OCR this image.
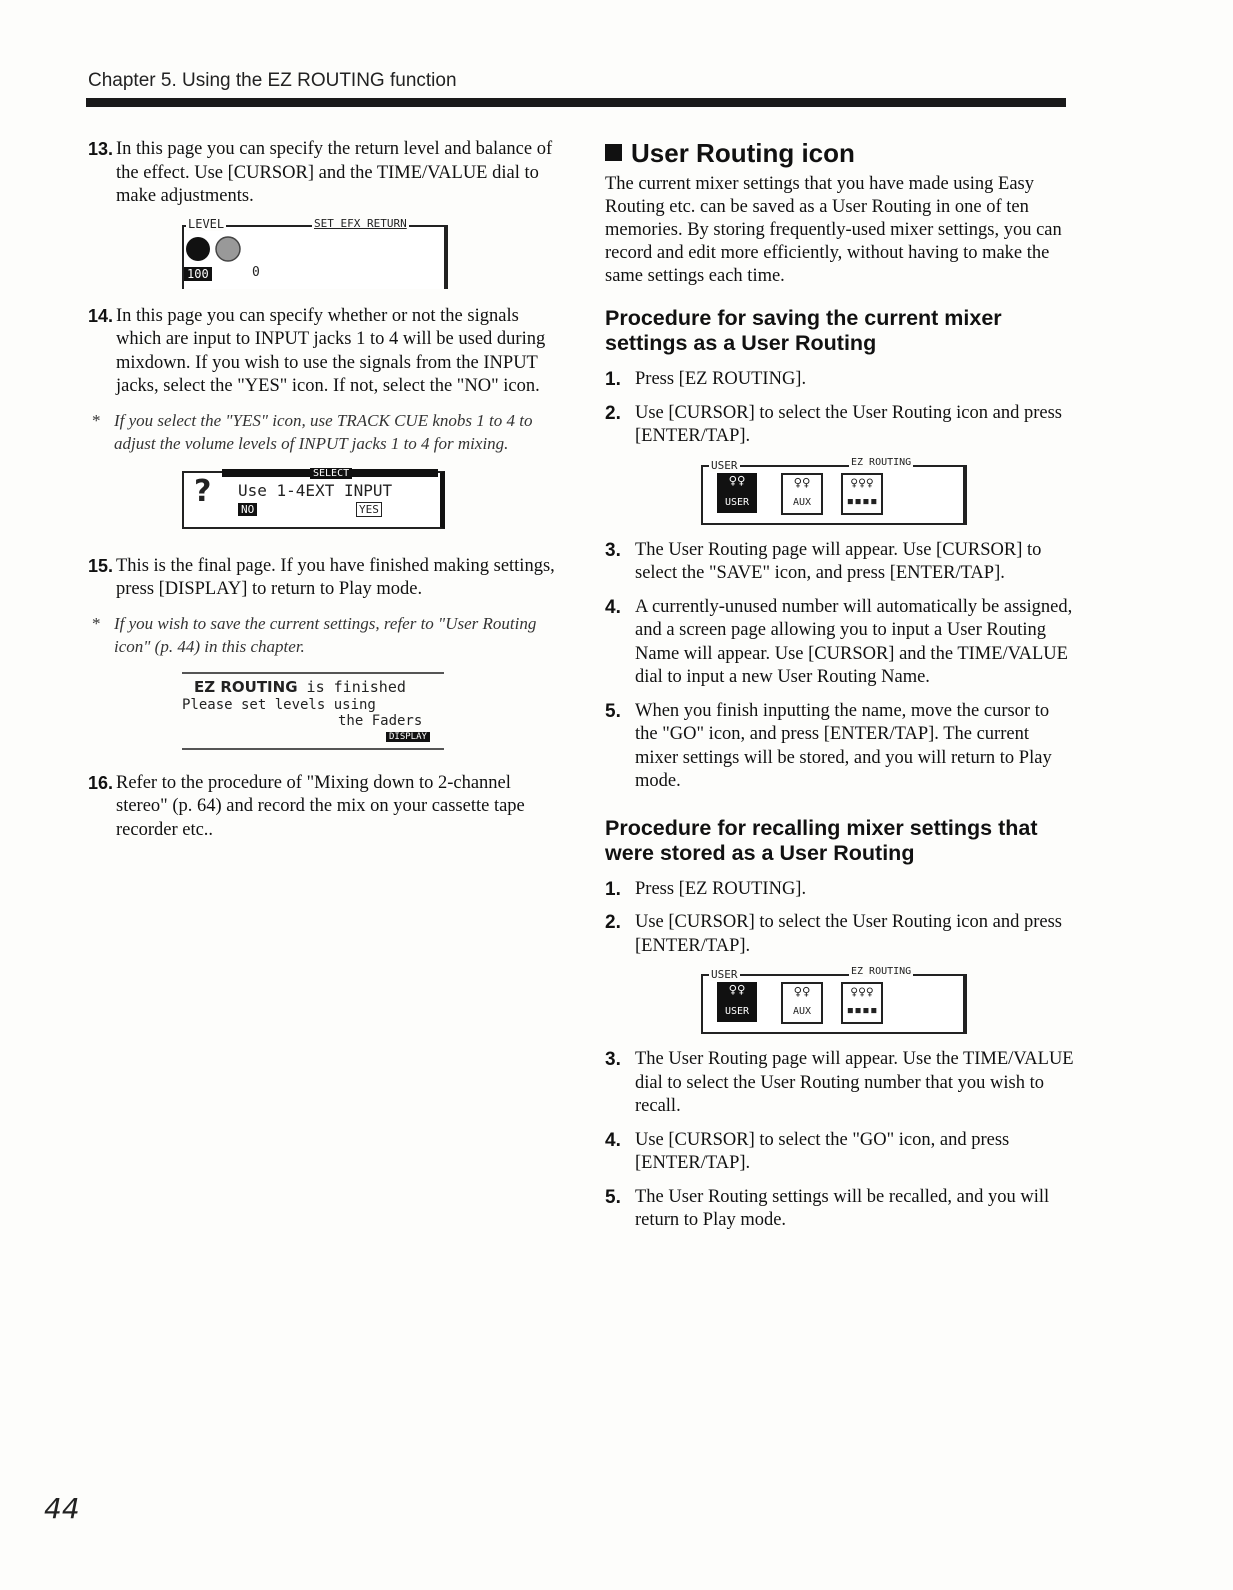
Chapter 5. Using the EZ ROUTING function
13. In this page you can specify the return level and balance of the effect. Use [CURSOR] and the TIME/VALUE dial to make adjustments.

LEVEL	SET EFX RETURN
100	0
14. In this page you can specify whether or not the signals which are input to INPUT jacks 1 to 4 will be used during mixdown. If you wish to use the signals from the INPUT jacks, select the "YES" icon. If not, select the "NO" icon.

* If you select the "YES" icon, use TRACK CUE knobs 1 to 4 to adjust the volume levels of INPUT jacks 1 to 4 for mixing.

SELECT
? Use 1-4EXT INPUT
NO	YES
15. This is the final page. If you have finished making settings, press [DISPLAY] to return to Play mode.

* If you wish to save the current settings, refer to "User Routing icon" (p. 44) in this chapter.

EZ ROUTING is finished
Please set levels using
the Faders
DISPLAY
16. Refer to the procedure of "Mixing down to 2-channel stereo" (p. 64) and record the mix on your cassette tape recorder etc..

User Routing icon

The current mixer settings that you have made using Easy Routing etc. can be saved as a User Routing in one of ten memories. By storing frequently-used mixer settings, you can record and edit more efficiently, without having to make the same settings each time.

Procedure for saving the current mixer settings as a User Routing
1. Press [EZ ROUTING].

2. Use [CURSOR] to select the User Routing icon and press [ENTER/TAP].

USER	EZ ROUTING
♀♀
USER
♀♀
AUX
♀♀♀
▪▪▪▪
3. The User Routing page will appear. Use [CURSOR] to select the "SAVE" icon, and press [ENTER/TAP].

4. A currently-unused number will automatically be assigned, and a screen page allowing you to input a User Routing Name will appear. Use [CURSOR] and the TIME/VALUE dial to input a new User Routing Name.

5. When you finish inputting the name, move the cursor to the "GO" icon, and press [ENTER/TAP]. The current mixer settings will be stored, and you will return to Play mode.

Procedure for recalling mixer settings that were stored as a User Routing
1. Press [EZ ROUTING].

2. Use [CURSOR] to select the User Routing icon and press [ENTER/TAP].

USER	EZ ROUTING
♀♀
USER
♀♀
AUX
♀♀♀
▪▪▪▪
3. The User Routing page will appear. Use the TIME/VALUE dial to select the User Routing number that you wish to recall.

4. Use [CURSOR] to select the "GO" icon, and press [ENTER/TAP].

5. The User Routing settings will be recalled, and you will return to Play mode.

44
